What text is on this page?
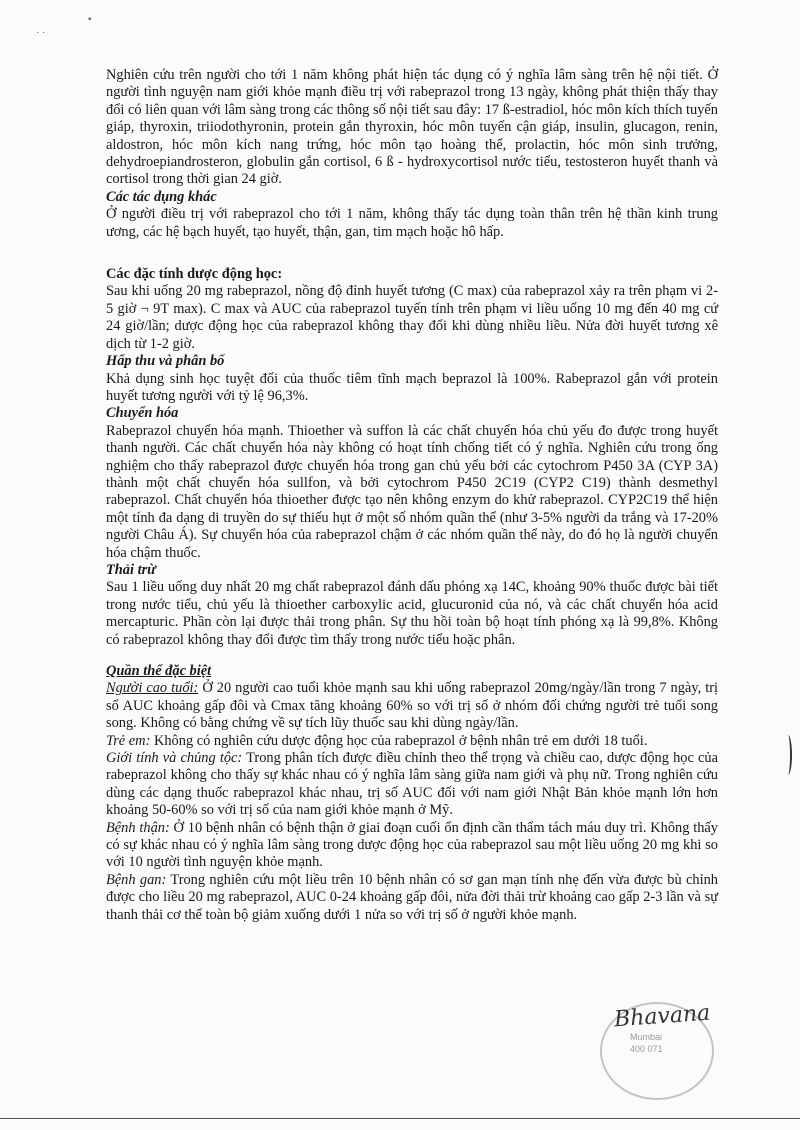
▪
· ·

Nghiên cứu trên người cho tới 1 năm không phát hiện tác dụng có ý nghĩa lâm sàng trên hệ nội tiết. Ở người tình nguyện nam giới khỏe mạnh điều trị với rabeprazol trong 13 ngày, không phát thiện thấy thay đổi có liên quan với lâm sàng trong các thông số nội tiết sau đây: 17 ß-estradiol, hóc môn kích thích tuyến giáp, thyroxin, triiodothyronin, protein gắn thyroxin, hóc môn tuyến cận giáp, insulin, glucagon, renin, aldostron, hóc môn kích nang trứng, hóc môn tạo hoàng thể, prolactin, hóc môn sinh trưởng, dehydroepiandrosteron, globulin gắn cortisol, 6 ß - hydroxycortisol nước tiểu, testosteron huyết thanh và cortisol trong thời gian 24 giờ.

Các tác dụng khác

Ở người điều trị với rabeprazol cho tới 1 năm, không thấy tác dụng toàn thân trên hệ thần kinh trung ương, các hệ bạch huyết, tạo huyết, thận, gan, tim mạch hoặc hô hấp.

Các đặc tính dược động học:

Sau khi uống 20 mg rabeprazol, nồng độ đỉnh huyết tương (C max) của rabeprazol xảy ra trên phạm vi 2-5 giờ ¬ 9T max). C max và AUC của rabeprazol tuyến tính trên phạm vi liều uống 10 mg đến 40 mg cứ 24 giờ/lần; dược động học của rabeprazol không thay đổi khi dùng nhiều liều. Nửa đời huyết tương xê dịch từ 1-2 giờ.

Hấp thu và phân bố

Khả dụng sinh học tuyệt đối của thuốc tiêm tĩnh mạch beprazol là 100%. Rabeprazol gắn với protein huyết tương người với tỷ lệ 96,3%.

Chuyển hóa

Rabeprazol chuyển hóa mạnh. Thioether và suffon là các chất chuyển hóa chủ yếu đo được trong huyết thanh người. Các chất chuyển hóa này không có hoạt tính chống tiết có ý nghĩa. Nghiên cứu trong ống nghiệm cho thấy rabeprazol được chuyển hóa trong gan chủ yếu bởi các cytochrom P450 3A (CYP 3A) thành một chất chuyển hóa sullfon, và bởi cytochrom P450 2C19 (CYP2 C19) thành desmethyl rabeprazol. Chất chuyển hóa thioether được tạo nên không enzym do khử rabeprazol. CYP2C19 thể hiện một tính đa dạng di truyền do sự thiếu hụt ở một số nhóm quần thể (như 3-5% người da trắng và 17-20% người Châu Á). Sự chuyển hóa của rabeprazol chậm ở các nhóm quần thể này, do đó họ là người chuyển hóa chậm thuốc.

Thải trừ

Sau 1 liều uống duy nhất 20 mg chất rabeprazol đánh dấu phóng xạ 14C, khoảng 90% thuốc được bài tiết trong nước tiểu, chủ yếu là thioether carboxylic acid, glucuronid của nó, và các chất chuyển hóa acid mercapturic. Phần còn lại được thải trong phân. Sự thu hồi toàn bộ hoạt tính phóng xạ là 99,8%. Không có rabeprazol không thay đổi được tìm thấy trong nước tiểu hoặc phân.

Quần thể đặc biệt

Người cao tuổi: Ở 20 người cao tuổi khỏe mạnh sau khi uống rabeprazol 20mg/ngày/lần trong 7 ngày, trị số AUC khoảng gấp đôi và Cmax tăng khoảng 60% so với trị số ở nhóm đối chứng người trẻ tuổi song song. Không có bằng chứng về sự tích lũy thuốc sau khi dùng ngày/lần.

Trẻ em: Không có nghiên cứu dược động học của rabeprazol ở bệnh nhân trẻ em dưới 18 tuổi.

Giới tính và chủng tộc: Trong phân tích được điều chỉnh theo thể trọng và chiều cao, dược động học của rabeprazol không cho thấy sự khác nhau có ý nghĩa lâm sàng giữa nam giới và phụ nữ. Trong nghiên cứu dùng các dạng thuốc rabeprazol khác nhau, trị số AUC đối với nam giới Nhật Bản khỏe mạnh lớn hơn khoảng 50-60% so với trị số của nam giới khỏe mạnh ở Mỹ.

Bệnh thận: Ở 10 bệnh nhân có bệnh thận ở giai đoạn cuối ổn định cần thẩm tách máu duy trì. Không thấy có sự khác nhau có ý nghĩa lâm sàng trong dược động học của rabeprazol sau một liều uống 20 mg khi so với 10 người tình nguyện khỏe mạnh.

Bệnh gan: Trong nghiên cứu một liều trên 10 bệnh nhân có sơ gan mạn tính nhẹ đến vừa được bù chỉnh được cho liều 20 mg rabeprazol, AUC 0-24 khoảng gấp đôi, nửa đời thải trừ khoảng cao gấp 2-3 lần và sự thanh thải cơ thể toàn bộ giảm xuống dưới 1 nửa so với trị số ở người khỏe mạnh.

Mumbai
400 071
Bhavana
